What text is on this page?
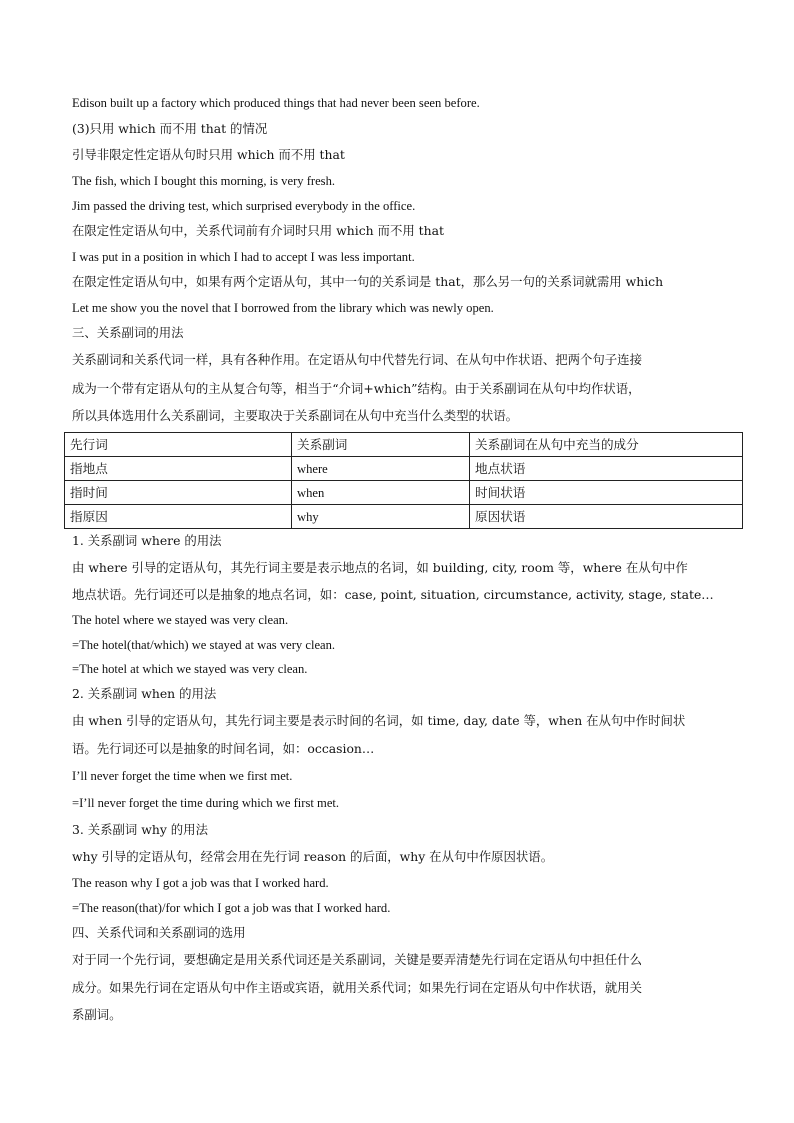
Edison built up a factory which produced things that had never been seen before.
(3)只用 which 而不用 that 的情况
引导非限定性定语从句时只用 which 而不用 that
The fish, which I bought this morning, is very fresh.
Jim passed the driving test, which surprised everybody in the office.
在限定性定语从句中，关系代词前有介词时只用 which 而不用 that
I was put in a position in which I had to accept I was less important.
在限定性定语从句中，如果有两个定语从句，其中一句的关系词是 that，那么另一句的关系词就需用 which
Let me show you the novel that I borrowed from the library which was newly open.
三、关系副词的用法
关系副词和关系代词一样，具有各种作用。在定语从句中代替先行词、在从句中作状语、把两个句子连接
成为一个带有定语从句的主从复合句等，相当于“介词+which”结构。由于关系副词在从句中均作状语，
所以具体选用什么关系副词，主要取决于关系副词在从句中充当什么类型的状语。
先行词	关系副词	关系副词在从句中充当的成分
指地点	where	地点状语
指时间	when	时间状语
指原因	why	原因状语
1. 关系副词 where 的用法
由 where 引导的定语从句，其先行词主要是表示地点的名词，如 building, city, room 等，where 在从句中作
地点状语。先行词还可以是抽象的地点名词，如：case, point, situation, circumstance, activity, stage, state…
The hotel where we stayed was very clean.
=The hotel(that/which) we stayed at was very clean.
=The hotel at which we stayed was very clean.
2. 关系副词 when 的用法
由 when 引导的定语从句，其先行词主要是表示时间的名词，如 time, day, date 等，when 在从句中作时间状
语。先行词还可以是抽象的时间名词，如：occasion…
I’ll never forget the time when we first met.
=I’ll never forget the time during which we first met.
3. 关系副词 why 的用法
why 引导的定语从句，经常会用在先行词 reason 的后面，why 在从句中作原因状语。
The reason why I got a job was that I worked hard.
=The reason(that)/for which I got a job was that I worked hard.
四、关系代词和关系副词的选用
对于同一个先行词，要想确定是用关系代词还是关系副词，关键是要弄清楚先行词在定语从句中担任什么
成分。如果先行词在定语从句中作主语或宾语，就用关系代词；如果先行词在定语从句中作状语，就用关
系副词。
